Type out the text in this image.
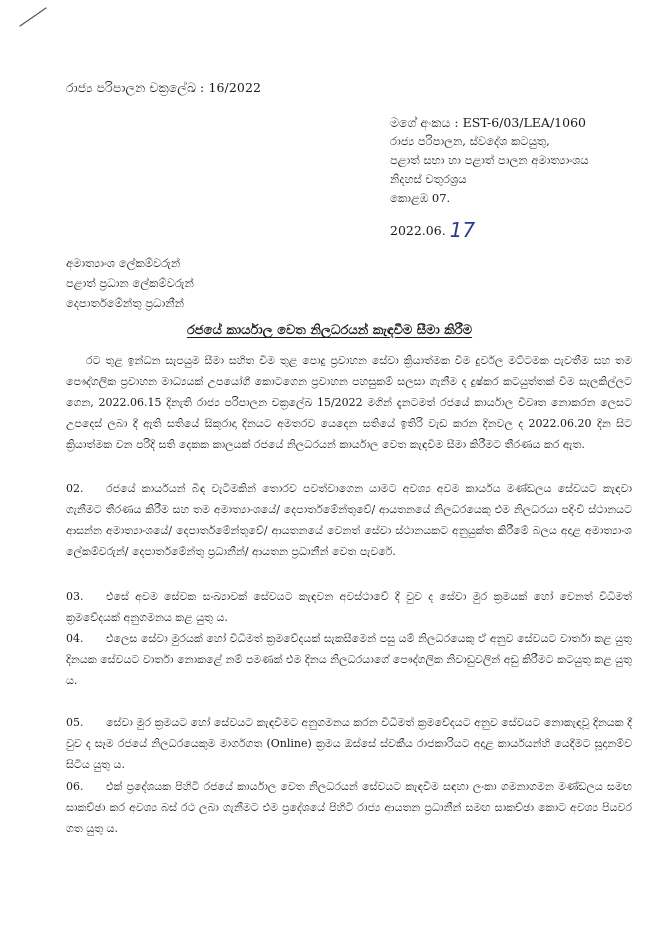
රාජ්‍ය පරිපාලන චක්‍රලේඛ : 16/2022
මගේ අංකය : EST-6/03/LEA/1060
රාජ්‍ය පරිපාලන, ස්වදේශ කටයුතු,
පළාත් සභා හා පළාත් පාලන අමාත්‍යාංශය
නිදහස් චතුරශ්‍රය
කොළඹ 07.
2022.06. 17
අමාත්‍යාංශ ලේකම්වරුන්
පළාත් ප්‍රධාන ලේකම්වරුන්
දෙපාර්තමේන්තු ප්‍රධානීන්
රජයේ කාර්යාල වෙත නිලධරයන් කැඳවීම සීමා කිරීම
රට තුළ ඉන්ධන සැපයුම සීමා සහිත වීම තුළ පොදු ප්‍රවාහන සේවා ක්‍රියාත්මක වීම දුර්වල මට්ටමක පැවතීම සහ තම පෞද්ගලික ප්‍රවාහන මාධ්‍යයක් උපයෝගී කොටගෙන ප්‍රවාහන පහසුකම් සලසා ගැනීම ද දුෂ්කර කටයුත්තක් වීම සැලකිල්ලට ගෙන, 2022.06.15 දිනැති රාජ්‍ය පරිපාලන චක්‍රලේඛ 15/2022 මගින් දැනටමත් රජයේ කාර්යාල විවෘත නොකරන ලෙසට උපදෙස් ලබා දී ඇති සතියේ සිකුරාදා දිනයට අමතරව යෙදෙන සතියේ ඉතිරි වැඩ කරන දිනවල ද 2022.06.20 දින සිට ක්‍රියාත්මක වන පරිදි සති දෙකක කාලයක් රජයේ නිලධරයන් කාර්යාල වෙත කැඳවීම සීමා කිරීමට තීරණය කර ඇත.
02. රජයේ කාර්යයන් බිඳ වැටීමකින් තොරව පවත්වාගෙන යාමට අවශ්‍ය අවම කාර්යය මණ්ඩලය සේවයට කැඳවා ගැනීමට තීරණය කිරීම සහ තම අමාත්‍යාංශයේ/ දෙපාර්තමේන්තුවේ/ ආයතනයේ නිලධරයෙකු එම නිලධරයා පදිංචි ස්ථානයට ආසන්න අමාත්‍යාංශයේ/ දෙපාර්තමේන්තුවේ/ ආයතනයේ වෙනත් සේවා ස්ථානයකට අනුයුක්ත කිරීමේ බලය අදාළ අමාත්‍යාංශ ලේකම්වරුන්/ දෙපාර්තමේන්තු ප්‍රධානීන්/ ආයතන ප්‍රධානීන් වෙත පැවරේ.
03. එසේ අවම සේවක සංඛ්‍යාවක් සේවයට කැඳවන අවස්ථාවේ දී වුව ද සේවා මුර ක්‍රමයක් හෝ වෙනත් විධිමත් ක්‍රමවේදයක් අනුගමනය කළ යුතු ය.
04. එලෙස සේවා මුරයක් හෝ විධිමත් ක්‍රමවේදයක් සැකසීමෙන් පසු යම් නිලධරයෙකු ඒ අනුව සේවයට වාර්තා කළ යුතු දිනයක සේවයට වාර්තා නොකළේ නම් පමණක් එම දිනය නිලධරයාගේ පෞද්ගලික නිවාඩුවලින් අඩු කිරීමට කටයුතු කළ යුතු ය.
05. සේවා මුර ක්‍රමයට හෝ සේවයට කැඳවීමට අනුගමනය කරන විධිමත් ක්‍රමවේදයට අනුව සේවයට නොකැඳවූ දිනයක දී වුව ද සෑම රජයේ නිලධරයෙකුම මාර්ගගත (Online) ක්‍රමය ඔස්සේ ස්වකීය රාජකාරියට අදාළ කාර්යයන්හි යෙදීමට සූදානම්ව සිටිය යුතු ය.
06. එක් ප්‍රදේශයක පිහිටි රජයේ කාර්යාල වෙත නිලධරයන් සේවයට කැඳවීම සඳහා ලංකා ගමනාගමන මණ්ඩලය සමඟ සාකච්ඡා කර අවශ්‍ය බස් රථ ලබා ගැනීමට එම ප්‍රදේශයේ පිහිටි රාජ්‍ය ආයතන ප්‍රධානීන් සමඟ සාකච්ඡා කොට අවශ්‍ය පියවර ගත යුතු ය.
